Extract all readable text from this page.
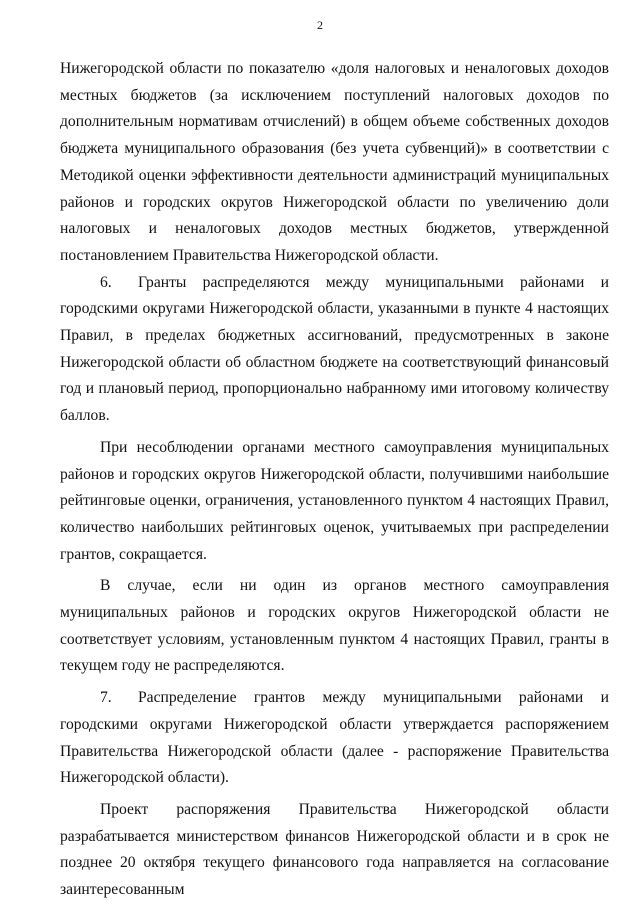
2

Нижегородской области по показателю «доля налоговых и неналоговых доходов местных бюджетов (за исключением поступлений налоговых доходов по дополнительным нормативам отчислений) в общем объеме собственных доходов бюджета муниципального образования (без учета субвенций)» в соответствии с Методикой оценки эффективности деятельности администраций муниципальных районов и городских округов Нижегородской области по увеличению доли налоговых и неналоговых доходов местных бюджетов, утвержденной постановлением Правительства Нижегородской области.

6. Гранты распределяются между муниципальными районами и городскими округами Нижегородской области, указанными в пункте 4 настоящих Правил, в пределах бюджетных ассигнований, предусмотренных в законе Нижегородской области об областном бюджете на соответствующий финансовый год и плановый период, пропорционально набранному ими итоговому количеству баллов.

При несоблюдении органами местного самоуправления муниципальных районов и городских округов Нижегородской области, получившими наибольшие рейтинговые оценки, ограничения, установленного пунктом 4 настоящих Правил, количество наибольших рейтинговых оценок, учитываемых при распределении грантов, сокращается.

В случае, если ни один из органов местного самоуправления муниципальных районов и городских округов Нижегородской области не соответствует условиям, установленным пунктом 4 настоящих Правил, гранты в текущем году не распределяются.

7. Распределение грантов между муниципальными районами и городскими округами Нижегородской области утверждается распоряжением Правительства Нижегородской области (далее - распоряжение Правительства Нижегородской области).

Проект распоряжения Правительства Нижегородской области разрабатывается министерством финансов Нижегородской области и в срок не позднее 20 октября текущего финансового года направляется на согласование заинтересованным
